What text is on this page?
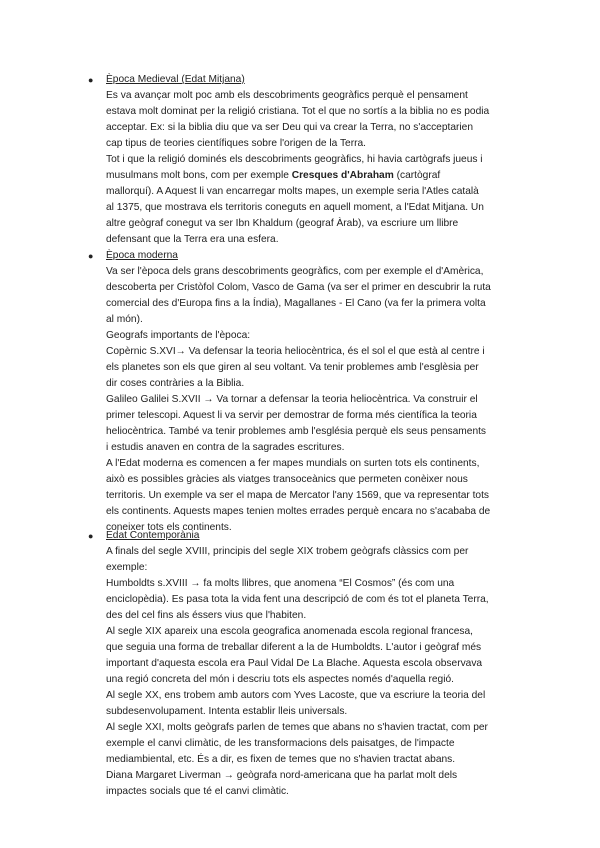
● Època Medieval (Edat Mitjana)
Es va avançar molt poc amb els descobriments geogràfics perquè el pensament
estava molt dominat per la religió cristiana. Tot el que no sortís a la biblia no es podia
acceptar. Ex: si la biblia diu que va ser Deu qui va crear la Terra, no s'acceptarien
cap tipus de teories científiques sobre l'origen de la Terra.
Tot i que la religió dominés els descobriments geogràfics, hi havia cartògrafs jueus i
musulmans molt bons, com per exemple Cresques d'Abraham (cartògraf
mallorquí). A Aquest li van encarregar molts mapes, un exemple seria l'Atles català
al 1375, que mostrava els territoris coneguts en aquell moment, a l'Edat Mitjana. Un
altre geògraf conegut va ser Ibn Khaldum (geograf Àrab), va escriure um llibre
defensant que la Terra era una esfera.
● Època moderna
Va ser l'època dels grans descobriments geogràfics, com per exemple el d'Amèrica,
descoberta per Cristòfol Colom, Vasco de Gama (va ser el primer en descubrir la ruta
comercial des d'Europa fins a la Índia), Magallanes - El Cano (va fer la primera volta
al món).
Geografs importants de l'època:
Copèrnic S.XVI→ Va defensar la teoria heliocèntrica, és el sol el que està al centre i
els planetes son els que giren al seu voltant. Va tenir problemes amb l'esglèsia per
dir coses contràries a la Biblia.
Galileo Galilei S.XVII → Va tornar a defensar la teoria heliocèntrica. Va construir el
primer telescopi. Aquest li va servir per demostrar de forma més científica la teoria
heliocèntrica. També va tenir problemes amb l'església perquè els seus pensaments
i estudis anaven en contra de la sagrades escritures.
A l'Edat moderna es comencen a fer mapes mundials on surten tots els continents,
això es possibles gràcies als viatges transoceànics que permeten conèixer nous
territoris. Un exemple va ser el mapa de Mercator l'any 1569, que va representar tots
els continents. Aquests mapes tenien moltes errades perquè encara no s'acababa de
coneixer tots els continents.
● Edat Contemporània
A finals del segle XVIII, principis del segle XIX trobem geògrafs clàssics com per
exemple:
Humboldts s.XVIII → fa molts llibres, que anomena “El Cosmos” (és com una
enciclopèdia). Es pasa tota la vida fent una descripció de com és tot el planeta Terra,
des del cel fins als éssers vius que l'habiten.
Al segle XIX apareix una escola geografica anomenada escola regional francesa,
que seguia una forma de treballar diferent a la de Humboldts. L'autor i geògraf més
important d'aquesta escola era Paul Vidal De La Blache. Aquesta escola observava
una regió concreta del món i descriu tots els aspectes només d'aquella regió.
Al segle XX, ens trobem amb autors com Yves Lacoste, que va escriure la teoria del
subdesenvolupament. Intenta establir lleis universals.
Al segle XXI, molts geògrafs parlen de temes que abans no s'havien tractat, com per
exemple el canvi climàtic, de les transformacions dels paisatges, de l'impacte
mediambiental, etc. És a dir, es fixen de temes que no s'havien tractat abans.
Diana Margaret Liverman → geògrafa nord-americana que ha parlat molt dels
impactes socials que té el canvi climàtic.
